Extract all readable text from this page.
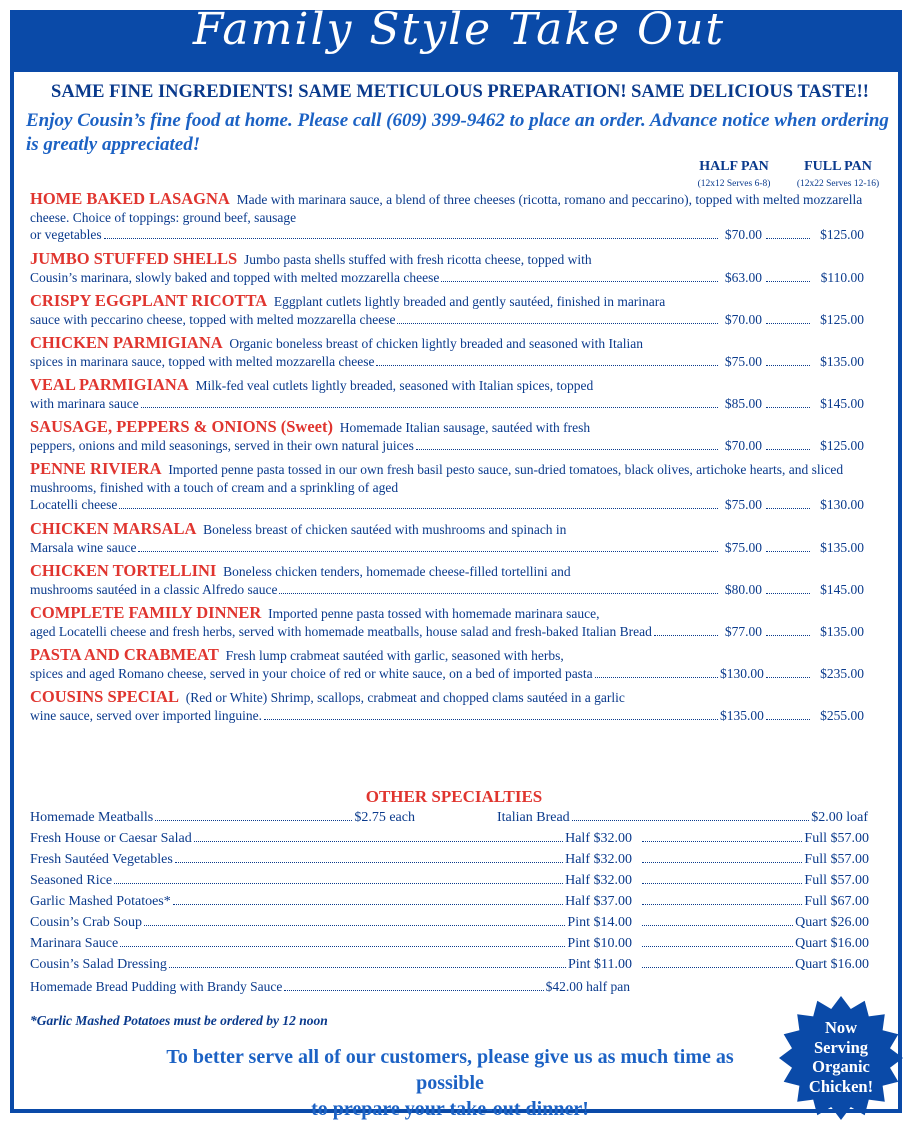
Family Style Take Out
SAME FINE INGREDIENTS! SAME METICULOUS PREPARATION! SAME DELICIOUS TASTE!!
Enjoy Cousin’s fine food at home. Please call (609) 399-9462 to place an order. Advance notice when ordering is greatly appreciated!
HALF PAN
(12x12 Serves 6-8)
FULL PAN
(12x22 Serves 12-16)
HOME BAKED LASAGNA Made with marinara sauce, a blend of three cheeses (ricotta, romano and peccarino), topped with melted mozzarella cheese. Choice of toppings: ground beef, sausage
or vegetables	$70.00	$125.00
JUMBO STUFFED SHELLS Jumbo pasta shells stuffed with fresh ricotta cheese, topped with
Cousin’s marinara, slowly baked and topped with melted mozzarella cheese	$63.00	$110.00
CRISPY EGGPLANT RICOTTA Eggplant cutlets lightly breaded and gently sautéed, finished in marinara
sauce with peccarino cheese, topped with melted mozzarella cheese	$70.00	$125.00
CHICKEN PARMIGIANA Organic boneless breast of chicken lightly breaded and seasoned with Italian
spices in marinara sauce, topped with melted mozzarella cheese	$75.00	$135.00
VEAL PARMIGIANA Milk-fed veal cutlets lightly breaded, seasoned with Italian spices, topped
with marinara sauce	$85.00	$145.00
SAUSAGE, PEPPERS & ONIONS (Sweet) Homemade Italian sausage, sautéed with fresh
peppers, onions and mild seasonings, served in their own natural juices	$70.00	$125.00
PENNE RIVIERA Imported penne pasta tossed in our own fresh basil pesto sauce, sun-dried tomatoes, black olives, artichoke hearts, and sliced mushrooms, finished with a touch of cream and a sprinkling of aged
Locatelli cheese	$75.00	$130.00
CHICKEN MARSALA Boneless breast of chicken sautéed with mushrooms and spinach in
Marsala wine sauce	$75.00	$135.00
CHICKEN TORTELLINI Boneless chicken tenders, homemade cheese-filled tortellini and
mushrooms sautéed in a classic Alfredo sauce	$80.00	$145.00
COMPLETE FAMILY DINNER Imported penne pasta tossed with homemade marinara sauce,
aged Locatelli cheese and fresh herbs, served with homemade meatballs, house salad and fresh-baked Italian Bread	$77.00	$135.00
PASTA AND CRABMEAT Fresh lump crabmeat sautéed with garlic, seasoned with herbs,
spices and aged Romano cheese, served in your choice of red or white sauce, on a bed of imported pasta	$130.00	$235.00
COUSINS SPECIAL (Red or White) Shrimp, scallops, crabmeat and chopped clams sautéed in a garlic
wine sauce, served over imported linguine.	$135.00	$255.00
OTHER SPECIALTIES
Homemade Meatballs	$2.75 each	Italian Bread	$2.00 loaf
Fresh House or Caesar Salad	Half $32.00	Full $57.00
Fresh Sautéed Vegetables	Half $32.00	Full $57.00
Seasoned Rice	Half $32.00	Full $57.00
Garlic Mashed Potatoes*	Half $37.00	Full $67.00
Cousin’s Crab Soup	Pint $14.00	Quart $26.00
Marinara Sauce	Pint $10.00	Quart $16.00
Cousin’s Salad Dressing	Pint $11.00	Quart $16.00
Homemade Bread Pudding with Brandy Sauce	$42.00 half pan
*Garlic Mashed Potatoes must be ordered by 12 noon
To better serve all of our customers, please give us as much time as possible
to prepare your take-out dinner!
Now
Serving
Organic
Chicken!
